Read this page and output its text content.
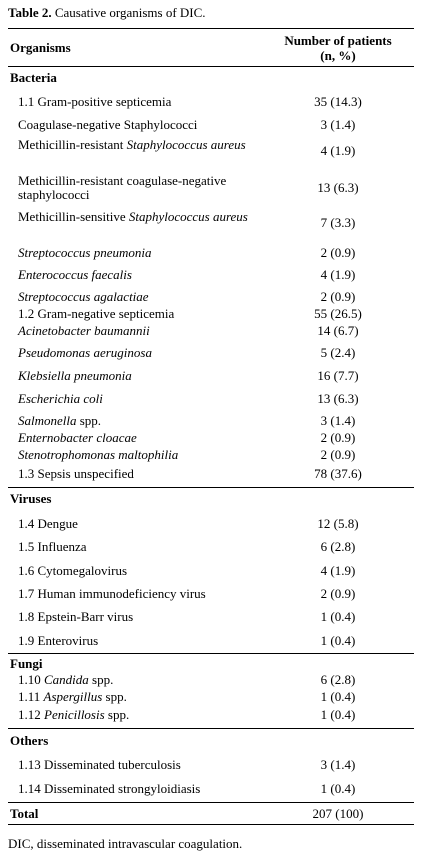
Table 2. Causative organisms of DIC.
Organisms	Number of patients
(n, %)
Bacteria
1.1 Gram-positive septicemia	35 (14.3)
Coagulase-negative Staphylococci	3 (1.4)
Methicillin-resistant Staphylococcus aureus	4 (1.9)
Methicillin-resistant coagulase-negative staphylococci	13 (6.3)
Methicillin-sensitive Staphylococcus aureus	7 (3.3)
Streptococcus pneumonia	2 (0.9)
Enterococcus faecalis	4 (1.9)
Streptococcus agalactiae	2 (0.9)
1.2 Gram-negative septicemia	55 (26.5)
Acinetobacter baumannii	14 (6.7)
Pseudomonas aeruginosa	5 (2.4)
Klebsiella pneumonia	16 (7.7)
Escherichia coli	13 (6.3)
Salmonella spp.	3 (1.4)
Enternobacter cloacae	2 (0.9)
Stenotrophomonas maltophilia	2 (0.9)
1.3 Sepsis unspecified	78 (37.6)
Viruses
1.4 Dengue	12 (5.8)
1.5 Influenza	6 (2.8)
1.6 Cytomegalovirus	4 (1.9)
1.7 Human immunodeficiency virus	2 (0.9)
1.8 Epstein-Barr virus	1 (0.4)
1.9 Enterovirus	1 (0.4)
Fungi
1.10 Candida spp.	6 (2.8)
1.11 Aspergillus spp.	1 (0.4)
1.12 Penicillosis spp.	1 (0.4)
Others
1.13 Disseminated tuberculosis	3 (1.4)
1.14 Disseminated strongyloidiasis	1 (0.4)
Total	207 (100)
DIC, disseminated intravascular coagulation.
